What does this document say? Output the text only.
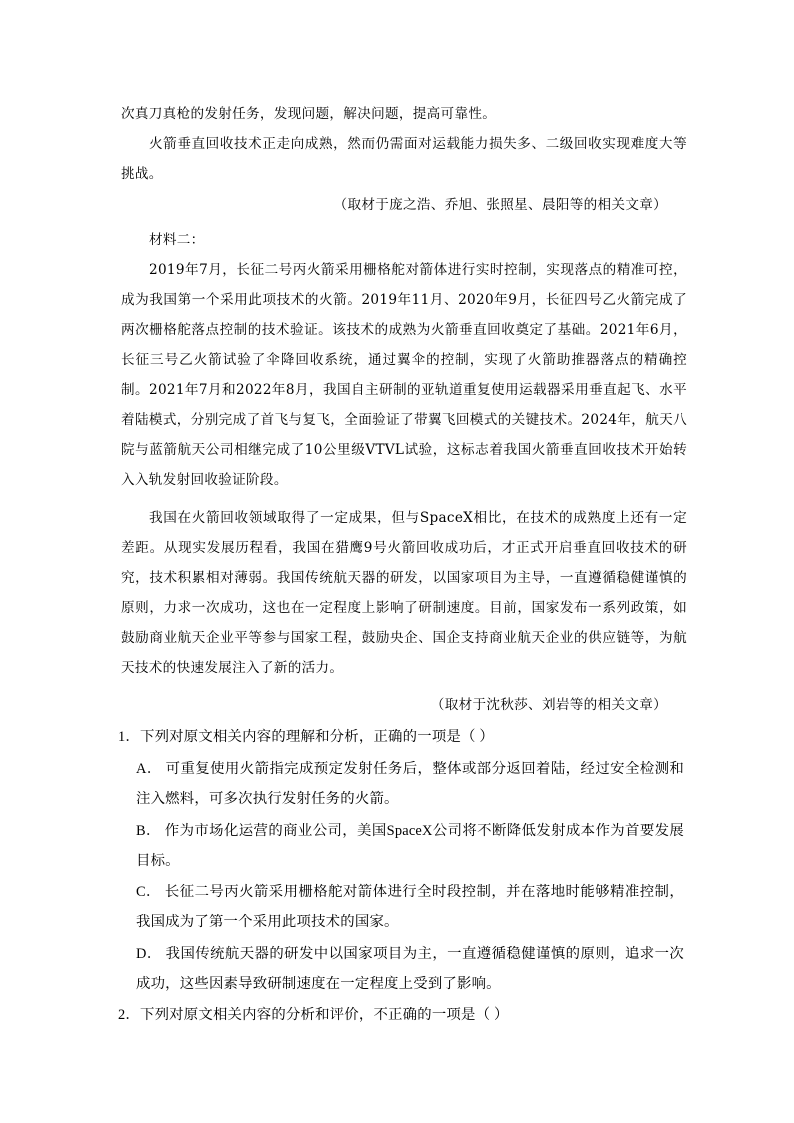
次真刀真枪的发射任务，发现问题，解决问题，提高可靠性。

火箭垂直回收技术正走向成熟，然而仍需面对运载能力损失多、二级回收实现难度大等挑战。

（取材于庞之浩、乔旭、张照星、晨阳等的相关文章）

材料二：

2019年7月，长征二号丙火箭采用栅格舵对箭体进行实时控制，实现落点的精准可控，成为我国第一个采用此项技术的火箭。2019年11月、2020年9月，长征四号乙火箭完成了两次栅格舵落点控制的技术验证。该技术的成熟为火箭垂直回收奠定了基础。2021年6月，长征三号乙火箭试验了伞降回收系统，通过翼伞的控制，实现了火箭助推器落点的精确控制。2021年7月和2022年8月，我国自主研制的亚轨道重复使用运载器采用垂直起飞、水平着陆模式，分别完成了首飞与复飞，全面验证了带翼飞回模式的关键技术。2024年，航天八院与蓝箭航天公司相继完成了10公里级VTVL试验，这标志着我国火箭垂直回收技术开始转入入轨发射回收验证阶段。

我国在火箭回收领域取得了一定成果，但与SpaceX相比，在技术的成熟度上还有一定差距。从现实发展历程看，我国在猎鹰9号火箭回收成功后，才正式开启垂直回收技术的研究，技术积累相对薄弱。我国传统航天器的研发，以国家项目为主导，一直遵循稳健谨慎的原则，力求一次成功，这也在一定程度上影响了研制速度。目前，国家发布一系列政策，如鼓励商业航天企业平等参与国家工程，鼓励央企、国企支持商业航天企业的供应链等，为航天技术的快速发展注入了新的活力。

（取材于沈秋莎、刘岩等的相关文章）

1．下列对原文相关内容的理解和分析，正确的一项是（ ）

A． 可重复使用火箭指完成预定发射任务后，整体或部分返回着陆，经过安全检测和注入燃料，可多次执行发射任务的火箭。

B． 作为市场化运营的商业公司，美国SpaceX公司将不断降低发射成本作为首要发展目标。

C． 长征二号丙火箭采用栅格舵对箭体进行全时段控制，并在落地时能够精准控制，我国成为了第一个采用此项技术的国家。

D． 我国传统航天器的研发中以国家项目为主，一直遵循稳健谨慎的原则，追求一次成功，这些因素导致研制速度在一定程度上受到了影响。

2．下列对原文相关内容的分析和评价，不正确的一项是（ ）
